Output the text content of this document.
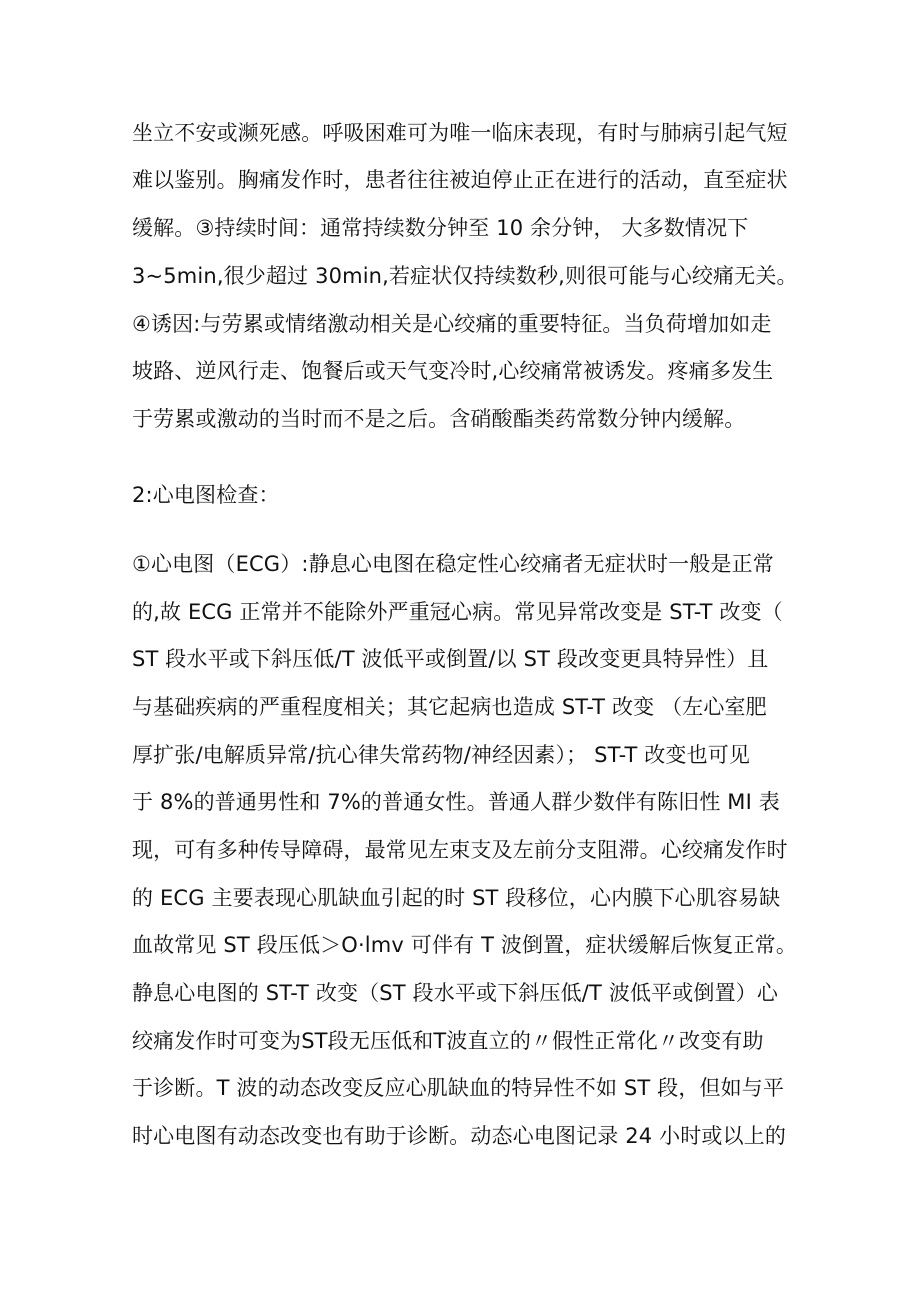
坐立不安或濒死感。呼吸困难可为唯一临床表现，有时与肺病引起气短
难以鉴别。胸痛发作时，患者往往被迫停止正在进行的活动，直至症状
缓解。③持续时间：通常持续数分钟至 10 余分钟， 大多数情况下
3~5min,很少超过 30min,若症状仅持续数秒,则很可能与心绞痛无关。
④诱因:与劳累或情绪激动相关是心绞痛的重要特征。当负荷增加如走
坡路、逆风行走、饱餐后或天气变冷时,心绞痛常被诱发。疼痛多发生
于劳累或激动的当时而不是之后。含硝酸酯类药常数分钟内缓解。
2:心电图检查：
①心电图（ECG）:静息心电图在稳定性心绞痛者无症状时一般是正常
的,故 ECG 正常并不能除外严重冠心病。常见异常改变是 ST-T 改变（
ST 段水平或下斜压低/T 波低平或倒置/以 ST 段改变更具特异性）且
与基础疾病的严重程度相关；其它起病也造成 ST-T 改变 （左心室肥
厚扩张/电解质异常/抗心律失常药物/神经因素）； ST-T 改变也可见
于 8%的普通男性和 7%的普通女性。普通人群少数伴有陈旧性 MI 表
现，可有多种传导障碍，最常见左束支及左前分支阻滞。心绞痛发作时
的 ECG 主要表现心肌缺血引起的时 ST 段移位，心内膜下心肌容易缺
血故常见 ST 段压低＞O·lmv 可伴有 T 波倒置，症状缓解后恢复正常。
静息心电图的 ST-T 改变（ST 段水平或下斜压低/T 波低平或倒置）心
绞痛发作时可变为ST段无压低和T波直立的〃假性正常化〃改变有助
于诊断。T 波的动态改变反应心肌缺血的特异性不如 ST 段，但如与平
时心电图有动态改变也有助于诊断。动态心电图记录 24 小时或以上的
